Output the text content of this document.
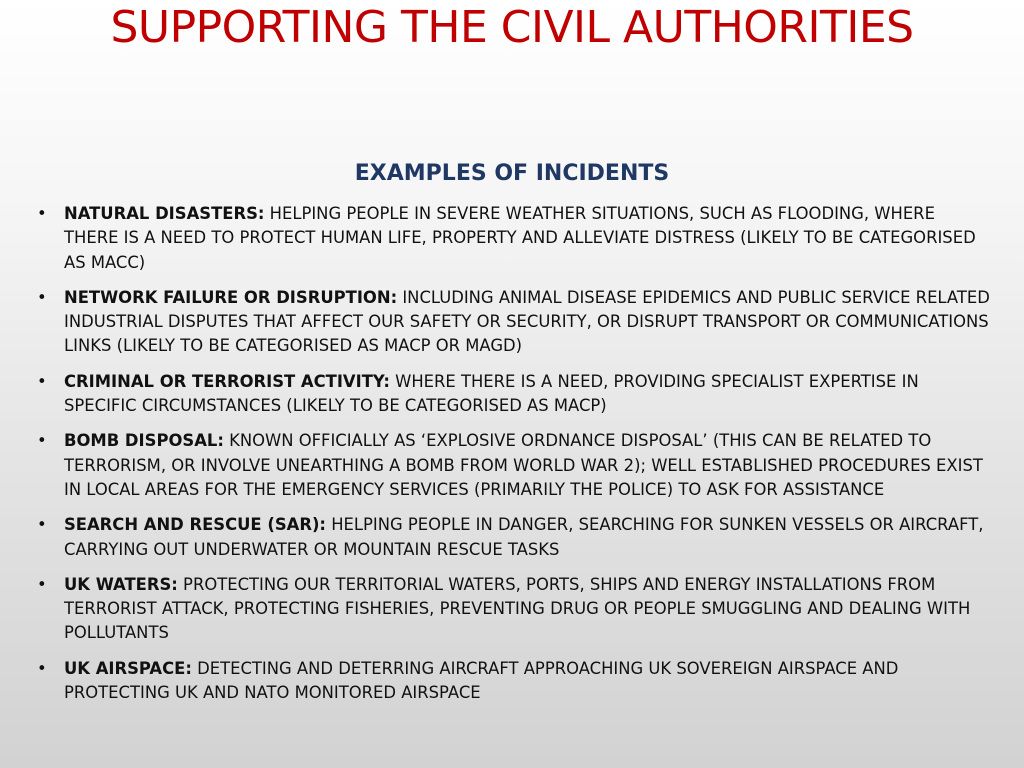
SUPPORTING THE CIVIL AUTHORITIES
EXAMPLES OF INCIDENTS
• NATURAL DISASTERS: HELPING PEOPLE IN SEVERE WEATHER SITUATIONS, SUCH AS FLOODING, WHERE THERE IS A NEED TO PROTECT HUMAN LIFE, PROPERTY AND ALLEVIATE DISTRESS (LIKELY TO BE CATEGORISED AS MACC)
• NETWORK FAILURE OR DISRUPTION: INCLUDING ANIMAL DISEASE EPIDEMICS AND PUBLIC SERVICE RELATED INDUSTRIAL DISPUTES THAT AFFECT OUR SAFETY OR SECURITY, OR DISRUPT TRANSPORT OR COMMUNICATIONS LINKS (LIKELY TO BE CATEGORISED AS MACP OR MAGD)
• CRIMINAL OR TERRORIST ACTIVITY: WHERE THERE IS A NEED, PROVIDING SPECIALIST EXPERTISE IN SPECIFIC CIRCUMSTANCES (LIKELY TO BE CATEGORISED AS MACP)
• BOMB DISPOSAL: KNOWN OFFICIALLY AS ‘EXPLOSIVE ORDNANCE DISPOSAL’ (THIS CAN BE RELATED TO TERRORISM, OR INVOLVE UNEARTHING A BOMB FROM WORLD WAR 2); WELL ESTABLISHED PROCEDURES EXIST IN LOCAL AREAS FOR THE EMERGENCY SERVICES (PRIMARILY THE POLICE) TO ASK FOR ASSISTANCE
• SEARCH AND RESCUE (SAR): HELPING PEOPLE IN DANGER, SEARCHING FOR SUNKEN VESSELS OR AIRCRAFT, CARRYING OUT UNDERWATER OR MOUNTAIN RESCUE TASKS
• UK WATERS: PROTECTING OUR TERRITORIAL WATERS, PORTS, SHIPS AND ENERGY INSTALLATIONS FROM TERRORIST ATTACK, PROTECTING FISHERIES, PREVENTING DRUG OR PEOPLE SMUGGLING AND DEALING WITH POLLUTANTS
• UK AIRSPACE: DETECTING AND DETERRING AIRCRAFT APPROACHING UK SOVEREIGN AIRSPACE AND PROTECTING UK AND NATO MONITORED AIRSPACE
